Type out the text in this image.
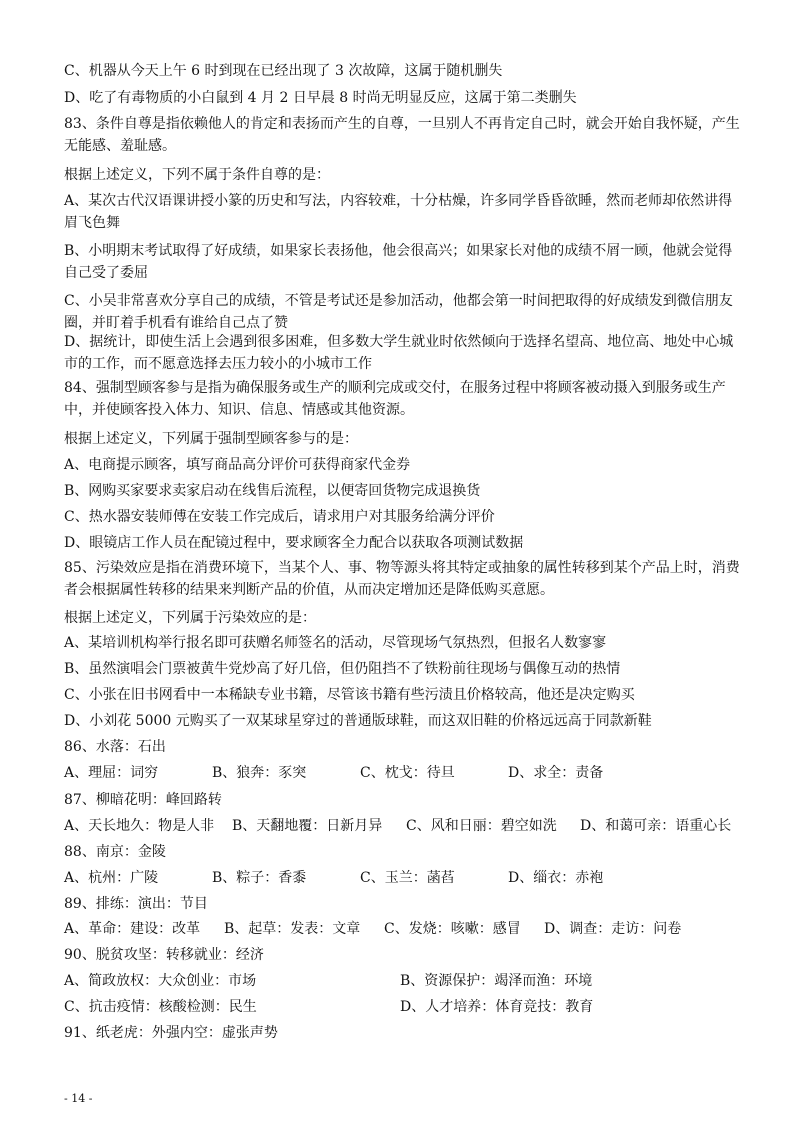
C、机器从今天上午 6 时到现在已经出现了 3 次故障，这属于随机删失
D、吃了有毒物质的小白鼠到 4 月 2 日早晨 8 时尚无明显反应，这属于第二类删失
83、条件自尊是指依赖他人的肯定和表扬而产生的自尊，一旦别人不再肯定自己时，就会开始自我怀疑，产生无能感、羞耻感。
根据上述定义，下列不属于条件自尊的是：
A、某次古代汉语课讲授小篆的历史和写法，内容较难，十分枯燥，许多同学昏昏欲睡，然而老师却依然讲得眉飞色舞
B、小明期末考试取得了好成绩，如果家长表扬他，他会很高兴；如果家长对他的成绩不屑一顾，他就会觉得自己受了委屈
C、小吴非常喜欢分享自己的成绩，不管是考试还是参加活动，他都会第一时间把取得的好成绩发到微信朋友圈，并盯着手机看有谁给自己点了赞
D、据统计，即使生活上会遇到很多困难，但多数大学生就业时依然倾向于选择名望高、地位高、地处中心城市的工作，而不愿意选择去压力较小的小城市工作
84、强制型顾客参与是指为确保服务或生产的顺利完成或交付，在服务过程中将顾客被动摄入到服务或生产中，并使顾客投入体力、知识、信息、情感或其他资源。
根据上述定义，下列属于强制型顾客参与的是：
A、电商提示顾客，填写商品高分评价可获得商家代金券
B、网购买家要求卖家启动在线售后流程，以便寄回货物完成退换货
C、热水器安装师傅在安装工作完成后，请求用户对其服务给满分评价
D、眼镜店工作人员在配镜过程中，要求顾客全力配合以获取各项测试数据
85、污染效应是指在消费环境下，当某个人、事、物等源头将其特定或抽象的属性转移到某个产品上时，消费者会根据属性转移的结果来判断产品的价值，从而决定增加还是降低购买意愿。
根据上述定义，下列属于污染效应的是：
A、某培训机构举行报名即可获赠名师签名的活动，尽管现场气氛热烈，但报名人数寥寥
B、虽然演唱会门票被黄牛党炒高了好几倍，但仍阻挡不了铁粉前往现场与偶像互动的热情
C、小张在旧书网看中一本稀缺专业书籍，尽管该书籍有些污渍且价格较高，他还是决定购买
D、小刘花 5000 元购买了一双某球星穿过的普通版球鞋，而这双旧鞋的价格远远高于同款新鞋
86、水落：石出
A、理屈：词穷	B、狼奔：豕突	C、枕戈：待旦	D、求全：责备
87、柳暗花明：峰回路转
A、天长地久：物是人非 B、天翻地覆：日新月异 C、风和日丽：碧空如洗 D、和蔼可亲：语重心长
88、南京：金陵
A、杭州：广陵	B、粽子：香黍	C、玉兰：菡萏	D、缁衣：赤袍
89、排练：演出：节目
A、革命：建设：改革 B、起草：发表：文章 C、发烧：咳嗽：感冒 D、调查：走访：问卷
90、脱贫攻坚：转移就业：经济
A、简政放权：大众创业：市场	B、资源保护：竭泽而渔：环境
C、抗击疫情：核酸检测：民生	D、人才培养：体育竞技：教育
91、纸老虎：外强内空：虚张声势
- 14 -
